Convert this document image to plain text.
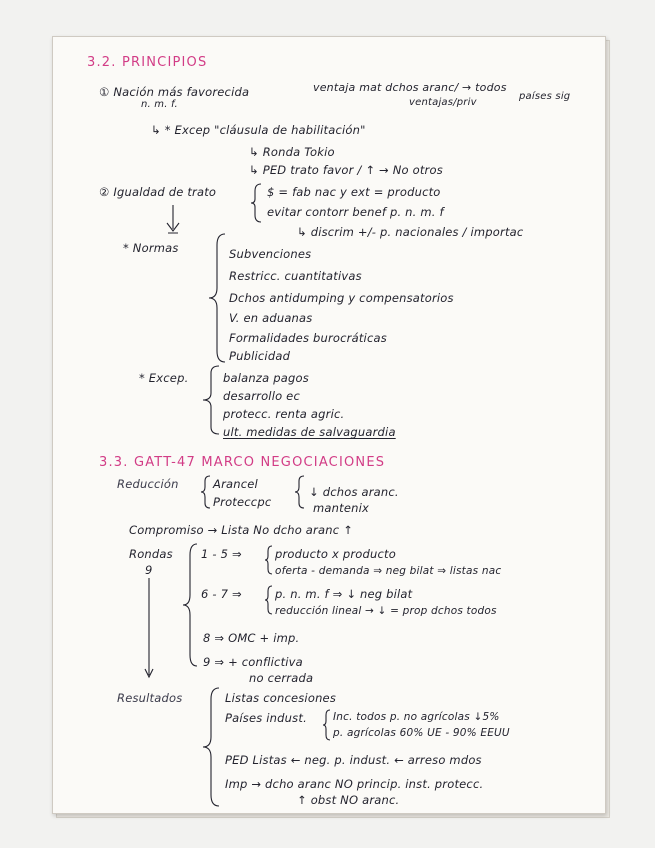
3.2. PRINCIPIOS
① Nación más favorecida
n. m. f.
ventaja mat dchos aranc/ → todos
ventajas/priv
países sig
↳ * Excep "cláusula de habilitación"
↳ Ronda Tokio
↳ PED trato favor / ↑ → No otros
② Igualdad de trato	$ = fab nac y ext = producto
evitar contorr benef p. n. m. f
↳ discrim +/- p. nacionales / importac
* Normas	Subvenciones
Restricc. cuantitativas
Dchos antidumping y compensatorios
V. en aduanas
Formalidades burocráticas
Publicidad
* Excep.	balanza pagos
desarrollo ec
protecc. renta agric.
ult. medidas de salvaguardia
3.3. GATT-47 MARCO NEGOCIACIONES
Reducción	Arancel
Proteccpc
↓ dchos aranc.
mantenix
Compromiso → Lista No dcho aranc ↑
Rondas
9
1 - 5 ⇒	producto x producto
oferta - demanda ⇒ neg bilat ⇒ listas nac
6 - 7 ⇒	p. n. m. f ⇒ ↓ neg bilat
reducción lineal → ↓ = prop dchos todos
8 ⇒ OMC + imp.
9 ⇒ + conflictiva
no cerrada
Resultados	Listas concesiones
Países indust. Inc. todos p. no agrícolas ↓5%
p. agrícolas 60% UE - 90% EEUU
PED Listas ← neg. p. indust. ← arreso mdos
Imp → dcho aranc NO princip. inst. protecc.
↑ obst NO aranc.
